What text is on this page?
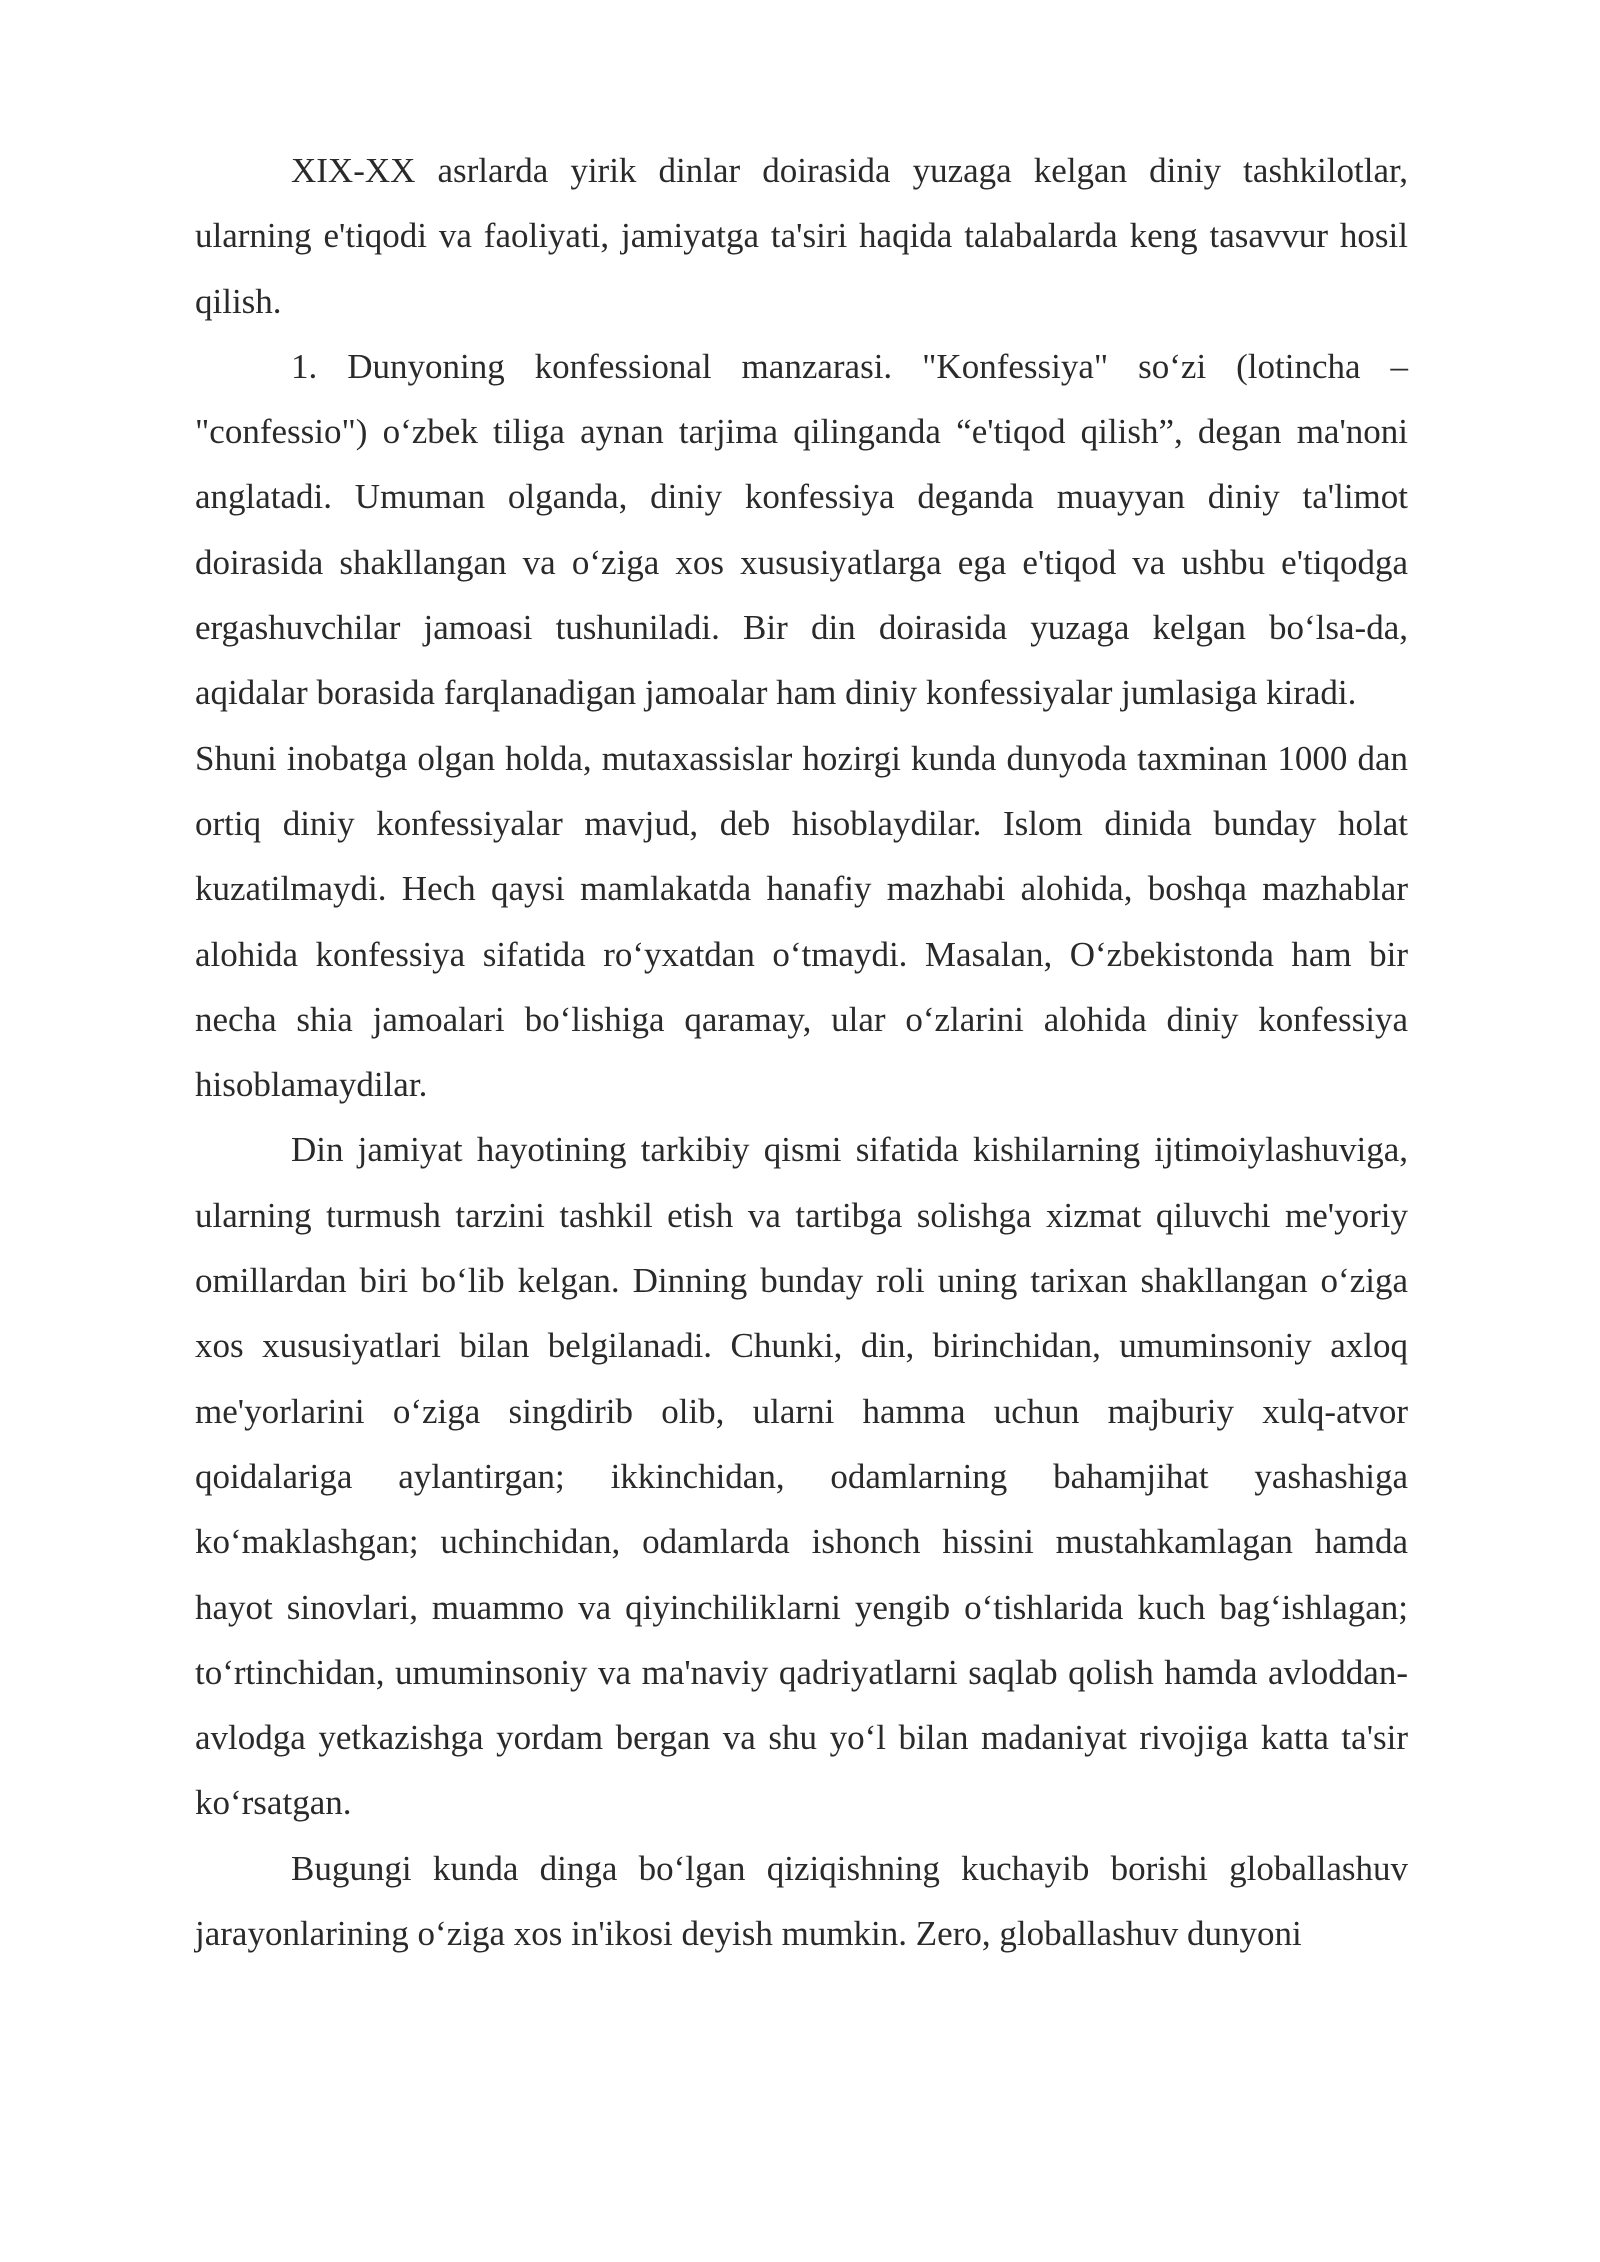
XIX-XX asrlarda yirik dinlar doirasida yuzaga kelgan diniy tashkilotlar, ularning e'tiqodi va faoliyati, jamiyatga ta'siri haqida talabalarda keng tasavvur hosil qilish.

1. Dunyoning konfessional manzarasi. "Konfessiya" so‘zi (lotincha – "confessio") o‘zbek tiliga aynan tarjima qilinganda “e'tiqod qilish”, degan ma'noni anglatadi. Umuman olganda, diniy konfessiya deganda muayyan diniy ta'limot doirasida shakllangan va o‘ziga xos xususiyatlarga ega e'tiqod va ushbu e'tiqodga ergashuvchilar jamoasi tushuniladi. Bir din doirasida yuzaga kelgan bo‘lsa-da, aqidalar borasida farqlanadigan jamoalar ham diniy konfessiyalar jumlasiga kiradi.

Shuni inobatga olgan holda, mutaxassislar hozirgi kunda dunyoda taxminan 1000 dan ortiq diniy konfessiyalar mavjud, deb hisoblaydilar. Islom dinida bunday holat kuzatilmaydi. Hech qaysi mamlakatda hanafiy mazhabi alohida, boshqa mazhablar alohida konfessiya sifatida ro‘yxatdan o‘tmaydi. Masalan, O‘zbekistonda ham bir necha shia jamoalari bo‘lishiga qaramay, ular o‘zlarini alohida diniy konfessiya hisoblamaydilar.

Din jamiyat hayotining tarkibiy qismi sifatida kishilarning ijtimoiylashuviga, ularning turmush tarzini tashkil etish va tartibga solishga xizmat qiluvchi me'yoriy omillardan biri bo‘lib kelgan. Dinning bunday roli uning tarixan shakllangan o‘ziga xos xususiyatlari bilan belgilanadi. Chunki, din, birinchidan, umuminsoniy axloq me'yorlarini o‘ziga singdirib olib, ularni hamma uchun majburiy xulq-atvor qoidalariga aylantirgan; ikkinchidan, odamlarning bahamjihat yashashiga ko‘maklashgan; uchinchidan, odamlarda ishonch hissini mustahkamlagan hamda hayot sinovlari, muammo va qiyinchiliklarni yengib o‘tishlarida kuch bag‘ishlagan; to‘rtinchidan, umuminsoniy va ma'naviy qadriyatlarni saqlab qolish hamda avloddan-avlodga yetkazishga yordam bergan va shu yo‘l bilan madaniyat rivojiga katta ta'sir ko‘rsatgan.

Bugungi kunda dinga bo‘lgan qiziqishning kuchayib borishi globallashuv jarayonlarining o‘ziga xos in'ikosi deyish mumkin. Zero, globallashuv dunyoni
